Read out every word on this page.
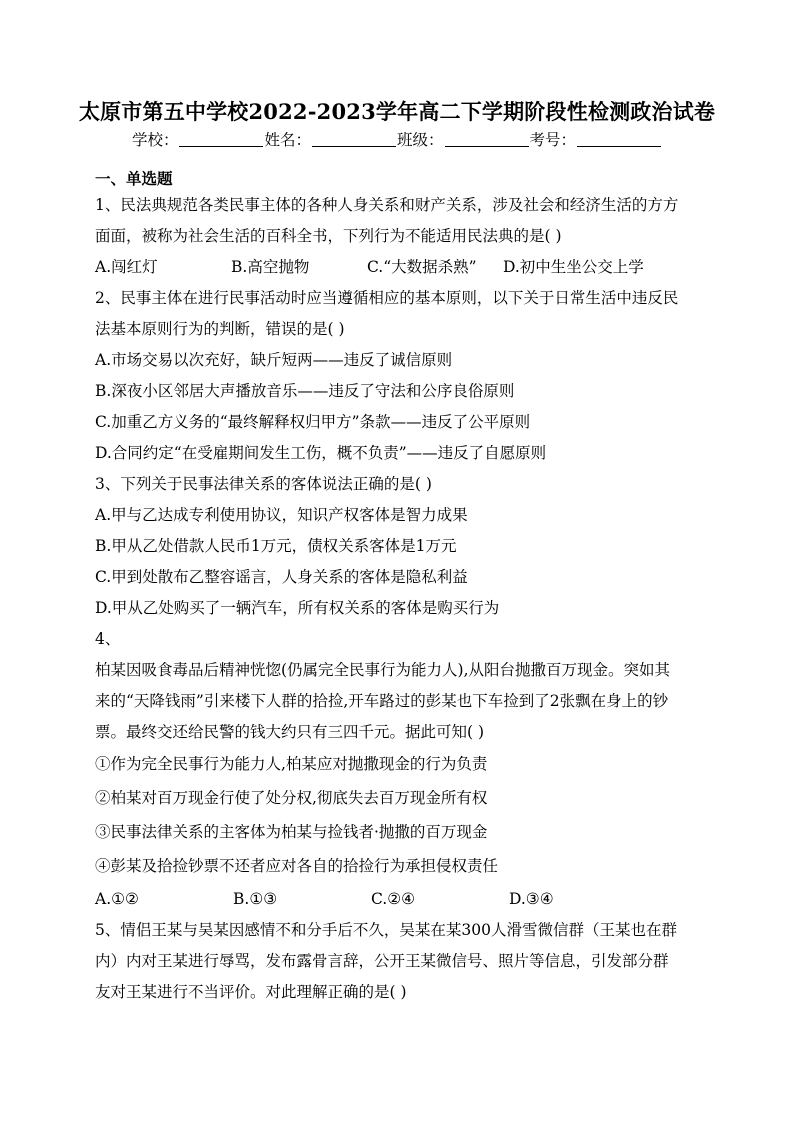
太原市第五中学校2022-2023学年高二下学期阶段性检测政治试卷
学校：	姓名：	班级：	考号：
一、单选题
1、民法典规范各类民事主体的各种人身关系和财产关系，涉及社会和经济生活的方方
面面，被称为社会生活的百科全书，下列行为不能适用民法典的是( )
A.闯红灯	B.高空抛物	C.“大数据杀熟”	D.初中生坐公交上学
2、民事主体在进行民事活动时应当遵循相应的基本原则，以下关于日常生活中违反民
法基本原则行为的判断，错误的是( )
A.市场交易以次充好，缺斤短两——违反了诚信原则
B.深夜小区邻居大声播放音乐——违反了守法和公序良俗原则
C.加重乙方义务的“最终解释权归甲方”条款——违反了公平原则
D.合同约定“在受雇期间发生工伤，概不负责”——违反了自愿原则
3、下列关于民事法律关系的客体说法正确的是( )
A.甲与乙达成专利使用协议，知识产权客体是智力成果
B.甲从乙处借款人民币1万元，债权关系客体是1万元
C.甲到处散布乙整容谣言，人身关系的客体是隐私利益
D.甲从乙处购买了一辆汽车，所有权关系的客体是购买行为
4、
柏某因吸食毒品后精神恍惚(仍属完全民事行为能力人),从阳台抛撒百万现金。突如其
来的“天降钱雨”引来楼下人群的拾捡,开车路过的彭某也下车捡到了2张飘在身上的钞
票。最终交还给民警的钱大约只有三四千元。据此可知( )
①作为完全民事行为能力人,柏某应对抛撒现金的行为负责
②柏某对百万现金行使了处分权,彻底失去百万现金所有权
③民事法律关系的主客体为柏某与捡钱者·抛撒的百万现金
④彭某及拾捡钞票不还者应对各自的拾捡行为承担侵权责任
A.①②	B.①③	C.②④	D.③④
5、情侣王某与吴某因感情不和分手后不久，吴某在某300人滑雪微信群（王某也在群
内）内对王某进行辱骂，发布露骨言辞，公开王某微信号、照片等信息，引发部分群
友对王某进行不当评价。对此理解正确的是( )
